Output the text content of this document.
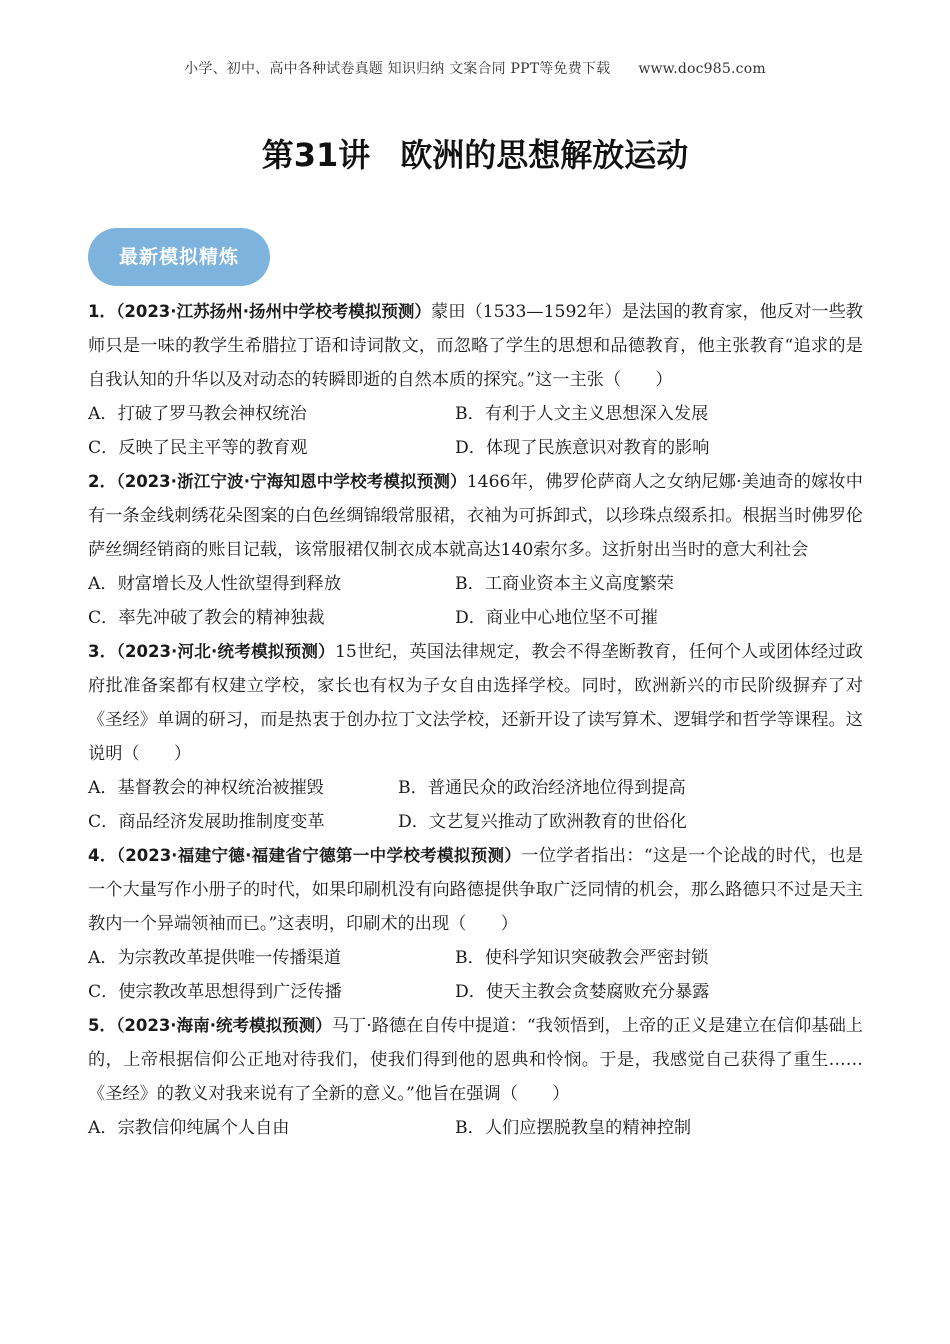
小学、初中、高中各种试卷真题 知识归纳 文案合同 PPT等免费下载 www.doc985.com
第31讲 欧洲的思想解放运动
最新模拟精炼

1．（2023·江苏扬州·扬州中学校考模拟预测）蒙田（1533—1592年）是法国的教育家，他反对一些教师只是一味的教学生希腊拉丁语和诗词散文，而忽略了学生的思想和品德教育，他主张教育“追求的是自我认知的升华以及对动态的转瞬即逝的自然本质的探究。”这一主张（　　）

A．打破了罗马教会神权统治	B．有利于人文主义思想深入发展
C．反映了民主平等的教育观	D．体现了民族意识对教育的影响

2．（2023·浙江宁波·宁海知恩中学校考模拟预测）1466年，佛罗伦萨商人之女纳尼娜·美迪奇的嫁妆中有一条金线刺绣花朵图案的白色丝绸锦缎常服裙，衣袖为可拆卸式，以珍珠点缀系扣。根据当时佛罗伦萨丝绸经销商的账目记载，该常服裙仅制衣成本就高达140索尔多。这折射出当时的意大利社会

A．财富增长及人性欲望得到释放	B．工商业资本主义高度繁荣
C．率先冲破了教会的精神独裁	D．商业中心地位坚不可摧

3．（2023·河北·统考模拟预测）15世纪，英国法律规定，教会不得垄断教育，任何个人或团体经过政府批准备案都有权建立学校，家长也有权为子女自由选择学校。同时，欧洲新兴的市民阶级摒弃了对《圣经》单调的研习，而是热衷于创办拉丁文法学校，还新开设了读写算术、逻辑学和哲学等课程。这说明（　　）

A．基督教会的神权统治被摧毁	B．普通民众的政治经济地位得到提高
C．商品经济发展助推制度变革	D．文艺复兴推动了欧洲教育的世俗化

4．（2023·福建宁德·福建省宁德第一中学校考模拟预测）一位学者指出：“这是一个论战的时代，也是一个大量写作小册子的时代，如果印刷机没有向路德提供争取广泛同情的机会，那么路德只不过是天主教内一个异端领袖而已。”这表明，印刷术的出现（　　）

A．为宗教改革提供唯一传播渠道	B．使科学知识突破教会严密封锁
C．使宗教改革思想得到广泛传播	D．使天主教会贪婪腐败充分暴露

5．（2023·海南·统考模拟预测）马丁·路德在自传中提道：“我领悟到，上帝的正义是建立在信仰基础上的，上帝根据信仰公正地对待我们，使我们得到他的恩典和怜悯。于是，我感觉自己获得了重生……《圣经》的教义对我来说有了全新的意义。”他旨在强调（　　）

A．宗教信仰纯属个人自由	B．人们应摆脱教皇的精神控制
